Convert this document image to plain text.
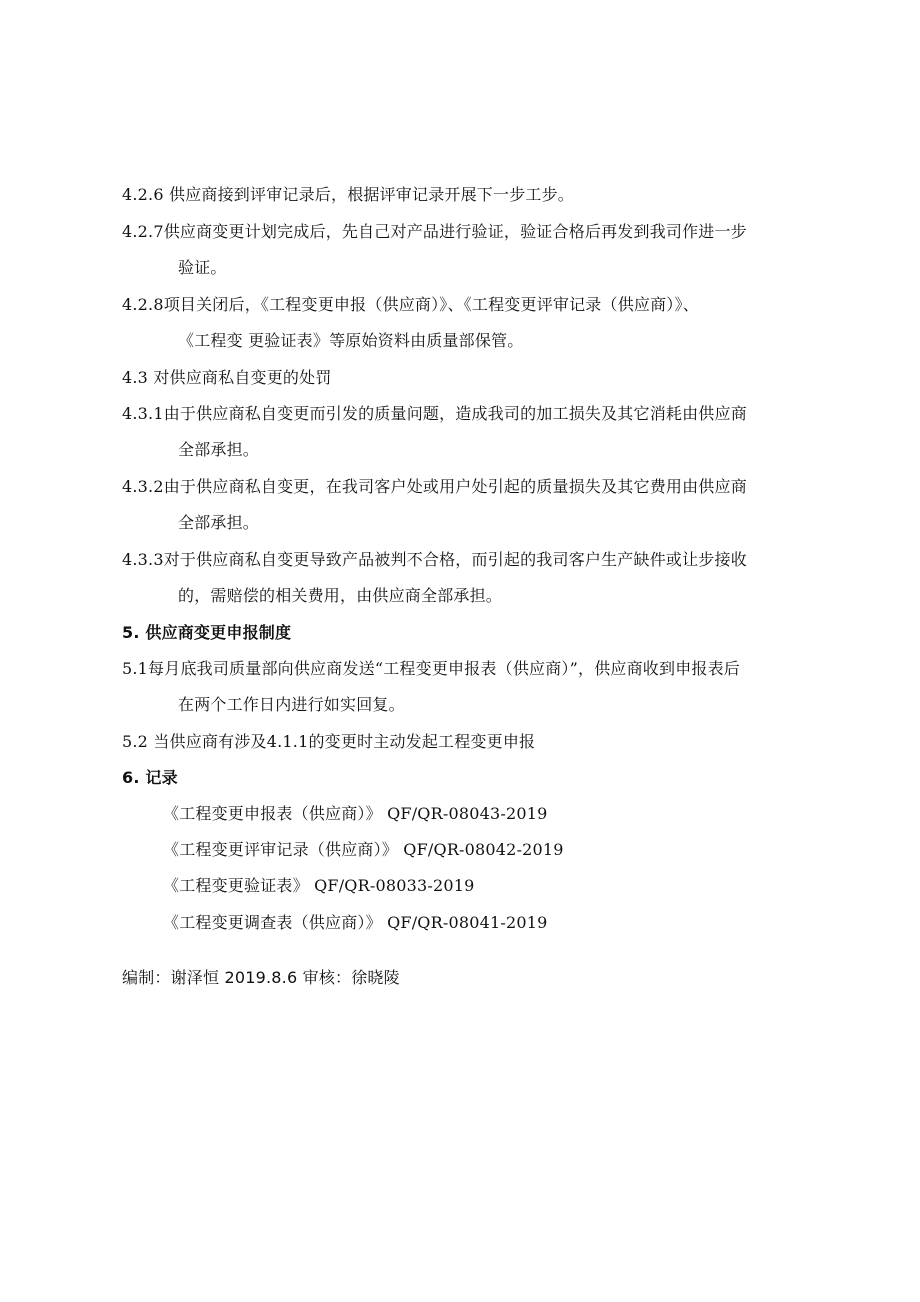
4.2.6 供应商接到评审记录后，根据评审记录开展下一步工步。
4.2.7供应商变更计划完成后，先自己对产品进行验证，验证合格后再发到我司作进一步
验证。
4.2.8项目关闭后，《工程变更申报（供应商）》、《工程变更评审记录（供应商）》、
《工程变 更验证表》等原始资料由质量部保管。
4.3 对供应商私自变更的处罚
4.3.1由于供应商私自变更而引发的质量问题，造成我司的加工损失及其它消耗由供应商
全部承担。
4.3.2由于供应商私自变更，在我司客户处或用户处引起的质量损失及其它费用由供应商
全部承担。
4.3.3对于供应商私自变更导致产品被判不合格，而引起的我司客户生产缺件或让步接收
的，需赔偿的相关费用，由供应商全部承担。
5. 供应商变更申报制度
5.1每月底我司质量部向供应商发送“工程变更申报表（供应商）”，供应商收到申报表后
在两个工作日内进行如实回复。
5.2 当供应商有涉及4.1.1的变更时主动发起工程变更申报
6. 记录
《工程变更申报表（供应商）》 QF/QR-08043-2019
《工程变更评审记录（供应商）》 QF/QR-08042-2019
《工程变更验证表》 QF/QR-08033-2019
《工程变更调查表（供应商）》 QF/QR-08041-2019
编制：谢泽恒 2019.8.6 审核：徐晓陵
